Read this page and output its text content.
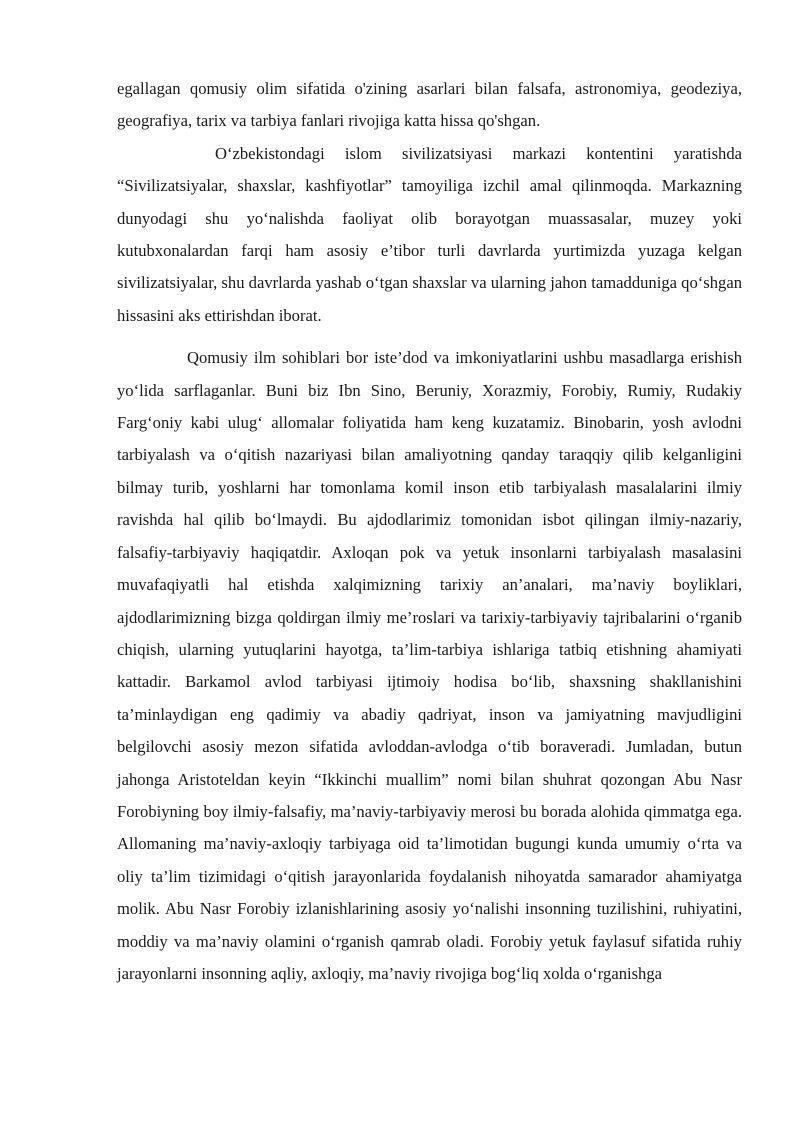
egallagan qomusiy olim sifatida o'zining asarlari bilan falsafa, astronomiya, geodeziya, geografiya, tarix va tarbiya fanlari rivojiga katta hissa qo'shgan.

O‘zbekistondagi islom sivilizatsiyasi markazi kontentini yaratishda “Sivilizatsiyalar, shaxslar, kashfiyotlar” tamoyiliga izchil amal qilinmoqda. Markazning dunyodagi shu yo‘nalishda faoliyat olib borayotgan muassasalar, muzey yoki kutubxonalardan farqi ham asosiy e’tibor turli davrlarda yurtimizda yuzaga kelgan sivilizatsiyalar, shu davrlarda yashab o‘tgan shaxslar va ularning jahon tamadduniga qo‘shgan hissasini aks ettirishdan iborat.

Qomusiy ilm sohiblari bor iste’dod va imkoniyatlarini ushbu masadlarga erishish yo‘lida sarflaganlar. Buni biz Ibn Sino, Beruniy, Xorazmiy, Forobiy, Rumiy, Rudakiy Farg‘oniy kabi ulug‘ allomalar foliyatida ham keng kuzatamiz. Binobarin, yosh avlodni tarbiyalash va o‘qitish nazariyasi bilan amaliyotning qanday taraqqiy qilib kelganligini bilmay turib, yoshlarni har tomonlama komil inson etib tarbiyalash masalalarini ilmiy ravishda hal qilib bo‘lmaydi. Bu ajdodlarimiz tomonidan isbot qilingan ilmiy-nazariy, falsafiy-tarbiyaviy haqiqatdir. Axloqan pok va yetuk insonlarni tarbiyalash masalasini muvafaqiyatli hal etishda xalqimizning tarixiy an’analari, ma’naviy boyliklari, ajdodlarimizning bizga qoldirgan ilmiy me’roslari va tarixiy-tarbiyaviy tajribalarini o‘rganib chiqish, ularning yutuqlarini hayotga, ta’lim-tarbiya ishlariga tatbiq etishning ahamiyati kattadir. Barkamol avlod tarbiyasi ijtimoiy hodisa bo‘lib, shaxsning shakllanishini ta’minlaydigan eng qadimiy va abadiy qadriyat, inson va jamiyatning mavjudligini belgilovchi asosiy mezon sifatida avloddan-avlodga o‘tib boraveradi. Jumladan, butun jahonga Aristoteldan keyin “Ikkinchi muallim” nomi bilan shuhrat qozongan Abu Nasr Forobiyning boy ilmiy-falsafiy, ma’naviy-tarbiyaviy merosi bu borada alohida qimmatga ega. Allomaning ma’naviy-axloqiy tarbiyaga oid ta’limotidan bugungi kunda umumiy o‘rta va oliy ta’lim tizimidagi o‘qitish jarayonlarida foydalanish nihoyatda samarador ahamiyatga molik. Abu Nasr Forobiy izlanishlarining asosiy yo‘nalishi insonning tuzilishini, ruhiyatini, moddiy va ma’naviy olamini o‘rganish qamrab oladi. Forobiy yetuk faylasuf sifatida ruhiy jarayonlarni insonning aqliy, axloqiy, ma’naviy rivojiga bog‘liq xolda o‘rganishga
